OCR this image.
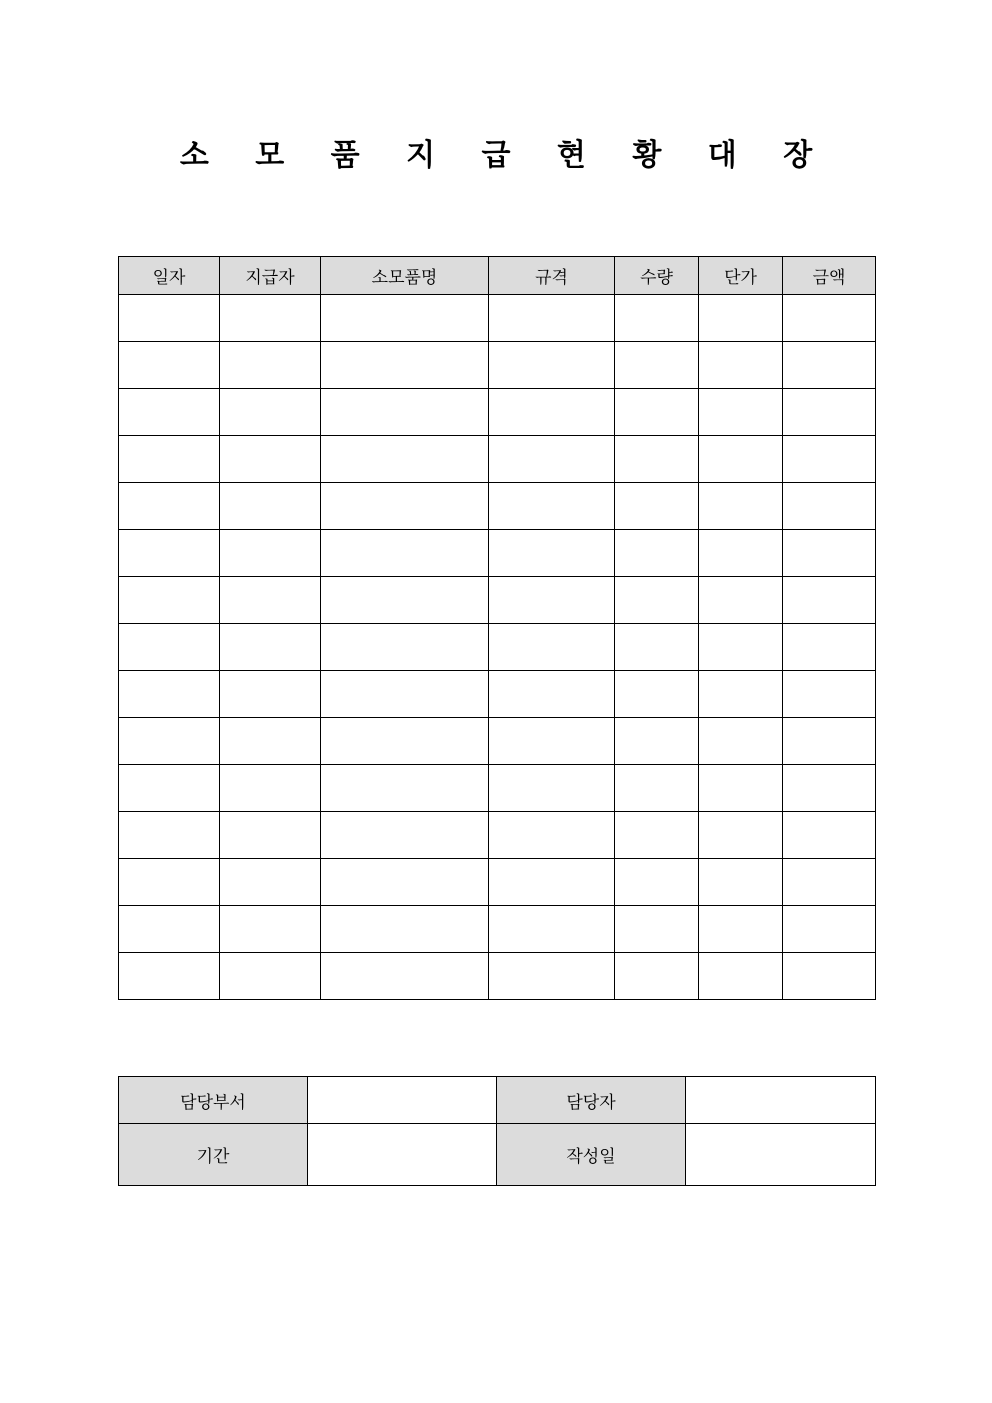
소 모 품 지 급 현 황 대 장
일자	지급자	소모품명	규격	수량	단가	금액

담당부서		담당자	
기간		작성일	
